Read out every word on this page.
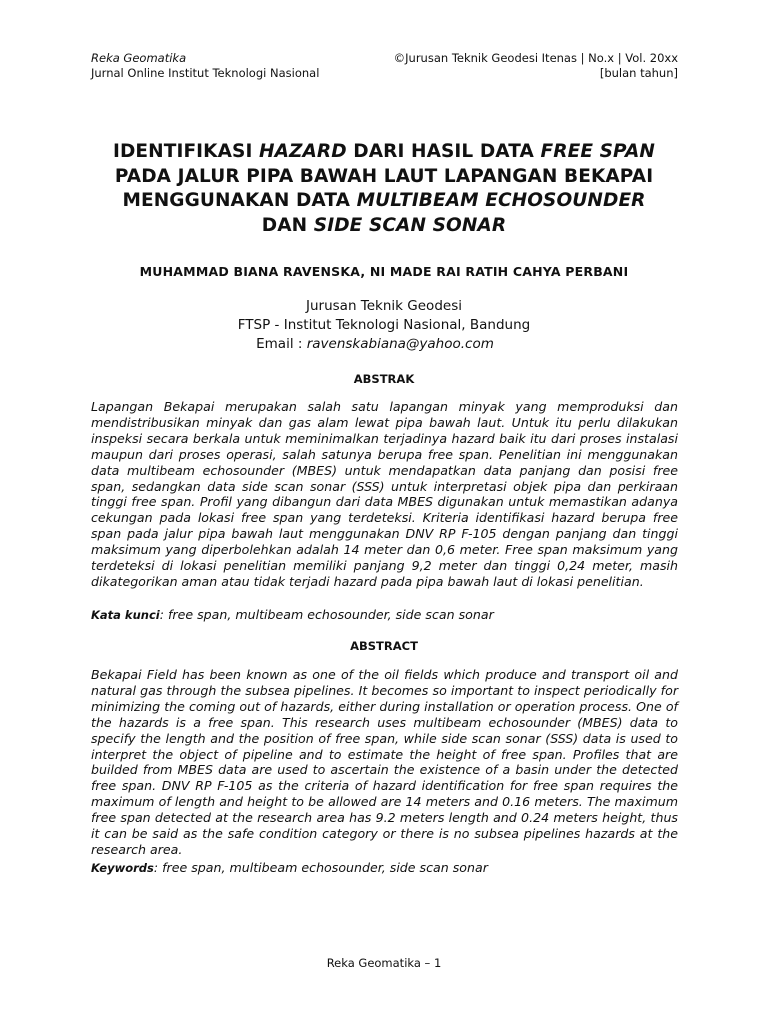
Reka Geomatika
Jurnal Online Institut Teknologi Nasional
©Jurusan Teknik Geodesi Itenas | No.x | Vol. 20xx
[bulan tahun]
IDENTIFIKASI HAZARD DARI HASIL DATA FREE SPAN
PADA JALUR PIPA BAWAH LAUT LAPANGAN BEKAPAI
MENGGUNAKAN DATA MULTIBEAM ECHOSOUNDER
DAN SIDE SCAN SONAR
MUHAMMAD BIANA RAVENSKA, NI MADE RAI RATIH CAHYA PERBANI
Jurusan Teknik Geodesi
FTSP - Institut Teknologi Nasional, Bandung
Email : ravenskabiana@yahoo.com
ABSTRAK
Lapangan Bekapai merupakan salah satu lapangan minyak yang memproduksi dan mendistribusikan minyak dan gas alam lewat pipa bawah laut. Untuk itu perlu dilakukan inspeksi secara berkala untuk meminimalkan terjadinya hazard baik itu dari proses instalasi maupun dari proses operasi, salah satunya berupa free span. Penelitian ini menggunakan data multibeam echosounder (MBES) untuk mendapatkan data panjang dan posisi free span, sedangkan data side scan sonar (SSS) untuk interpretasi objek pipa dan perkiraan tinggi free span. Profil yang dibangun dari data MBES digunakan untuk memastikan adanya cekungan pada lokasi free span yang terdeteksi. Kriteria identifikasi hazard berupa free span pada jalur pipa bawah laut menggunakan DNV RP F-105 dengan panjang dan tinggi maksimum yang diperbolehkan adalah 14 meter dan 0,6 meter. Free span maksimum yang terdeteksi di lokasi penelitian memiliki panjang 9,2 meter dan tinggi 0,24 meter, masih dikategorikan aman atau tidak terjadi hazard pada pipa bawah laut di lokasi penelitian.
Kata kunci: free span, multibeam echosounder, side scan sonar
ABSTRACT
Bekapai Field has been known as one of the oil fields which produce and transport oil and natural gas through the subsea pipelines. It becomes so important to inspect periodically for minimizing the coming out of hazards, either during installation or operation process. One of the hazards is a free span. This research uses multibeam echosounder (MBES) data to specify the length and the position of free span, while side scan sonar (SSS) data is used to interpret the object of pipeline and to estimate the height of free span. Profiles that are builded from MBES data are used to ascertain the existence of a basin under the detected free span. DNV RP F-105 as the criteria of hazard identification for free span requires the maximum of length and height to be allowed are 14 meters and 0.16 meters. The maximum free span detected at the research area has 9.2 meters length and 0.24 meters height, thus it can be said as the safe condition category or there is no subsea pipelines hazards at the research area.
Keywords: free span, multibeam echosounder, side scan sonar
Reka Geomatika – 1
